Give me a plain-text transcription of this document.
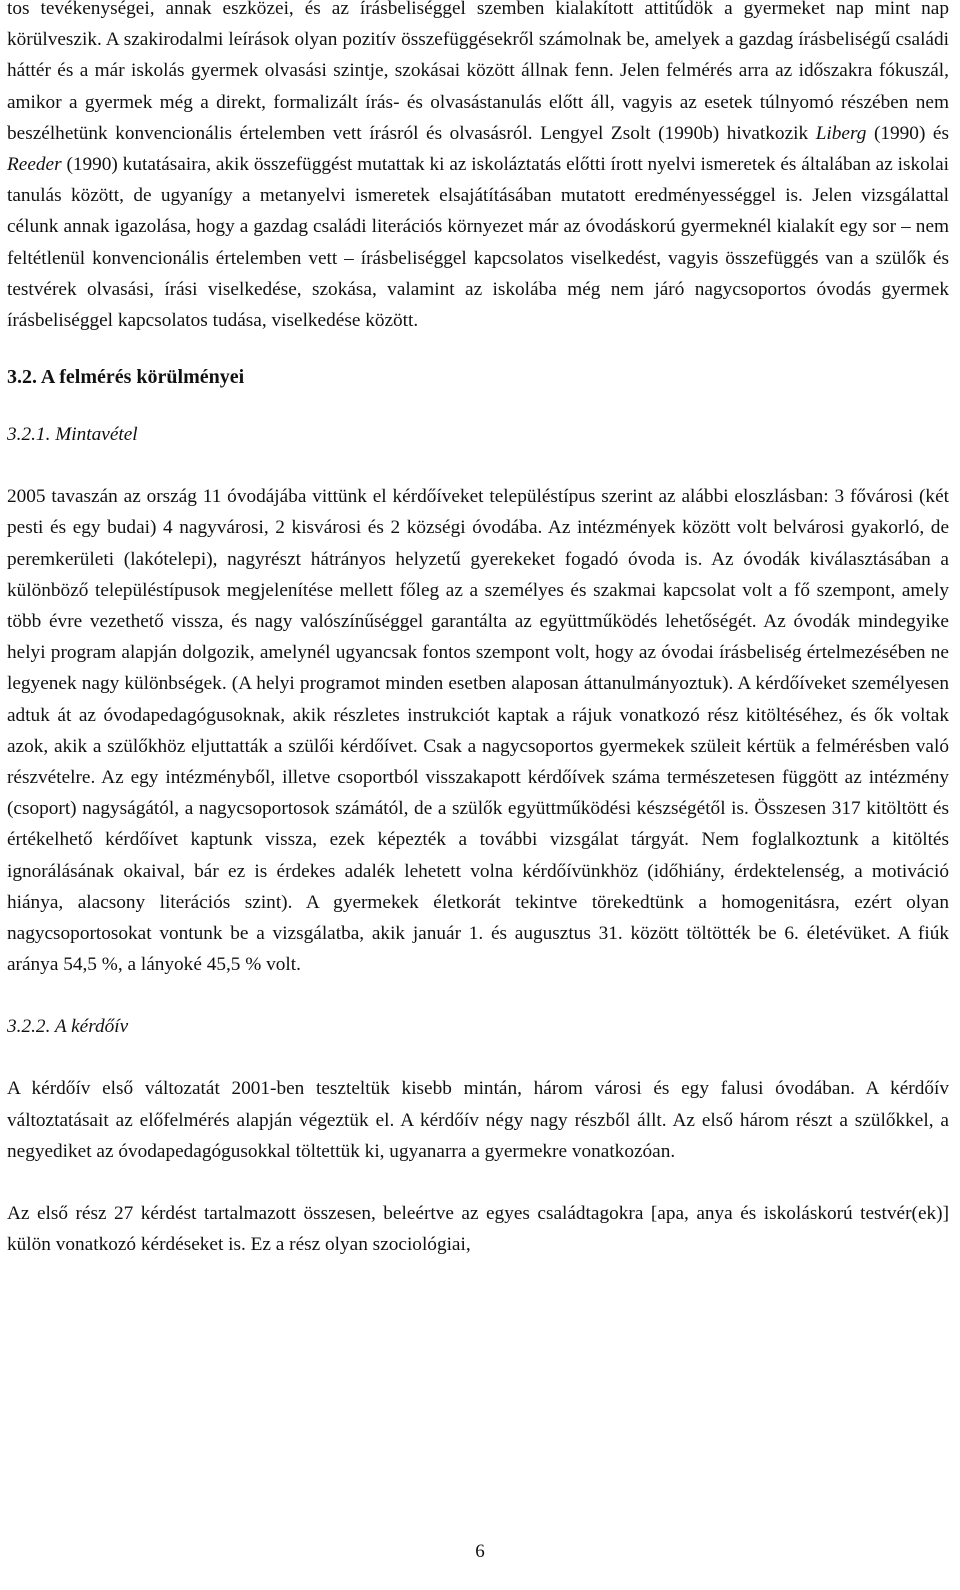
tos tevékenységei, annak eszközei, és az írásbeliséggel szemben kialakított attitűdök a gyermeket nap mint nap körülveszik. A szakirodalmi leírások olyan pozitív összefüggésekről számolnak be, amelyek a gazdag írásbeliségű családi háttér és a már iskolás gyermek olvasási szintje, szokásai között állnak fenn. Jelen felmérés arra az időszakra fókuszál, amikor a gyermek még a direkt, formalizált írás- és olvasástanulás előtt áll, vagyis az esetek túlnyomó részében nem beszélhetünk konvencionális értelemben vett írásról és olvasásról. Lengyel Zsolt (1990b) hivatkozik Liberg (1990) és Reeder (1990) kutatásaira, akik összefüggést mutattak ki az iskoláztatás előtti írott nyelvi ismeretek és általában az iskolai tanulás között, de ugyanígy a metanyelvi ismeretek elsajátításában mutatott eredményességgel is. Jelen vizsgálattal célunk annak igazolása, hogy a gazdag családi literációs környezet már az óvodáskorú gyermeknél kialakít egy sor – nem feltétlenül konvencionális értelemben vett – írásbeliséggel kapcsolatos viselkedést, vagyis összefüggés van a szülők és testvérek olvasási, írási viselkedése, szokása, valamint az iskolába még nem járó nagycsoportos óvodás gyermek írásbeliséggel kapcsolatos tudása, viselkedése között.

3.2. A felmérés körülményei
3.2.1. Mintavétel

2005 tavaszán az ország 11 óvodájába vittünk el kérdőíveket településtípus szerint az alábbi eloszlásban: 3 fővárosi (két pesti és egy budai) 4 nagyvárosi, 2 kisvárosi és 2 községi óvodába. Az intézmények között volt belvárosi gyakorló, de peremkerületi (lakótelepi), nagyrészt hátrányos helyzetű gyerekeket fogadó óvoda is. Az óvodák kiválasztásában a különböző településtípusok megjelenítése mellett főleg az a személyes és szakmai kapcsolat volt a fő szempont, amely több évre vezethető vissza, és nagy valószínűséggel garantálta az együttműködés lehetőségét. Az óvodák mindegyike helyi program alapján dolgozik, amelynél ugyancsak fontos szempont volt, hogy az óvodai írásbeliség értelmezésében ne legyenek nagy különbségek. (A helyi programot minden esetben alaposan áttanulmányoztuk). A kérdőíveket személyesen adtuk át az óvodapedagógusoknak, akik részletes instrukciót kaptak a rájuk vonatkozó rész kitöltéséhez, és ők voltak azok, akik a szülőkhöz eljuttatták a szülői kérdőívet. Csak a nagycsoportos gyermekek szüleit kértük a felmérésben való részvételre. Az egy intézményből, illetve csoportból visszakapott kérdőívek száma természetesen függött az intézmény (csoport) nagyságától, a nagycsoportosok számától, de a szülők együttműködési készségétől is. Összesen 317 kitöltött és értékelhető kérdőívet kaptunk vissza, ezek képezték a további vizsgálat tárgyát. Nem foglalkoztunk a kitöltés ignorálásának okaival, bár ez is érdekes adalék lehetett volna kérdőívünkhöz (időhiány, érdektelenség, a motiváció hiánya, alacsony literációs szint). A gyermekek életkorát tekintve törekedtünk a homogenitásra, ezért olyan nagycsoportosokat vontunk be a vizsgálatba, akik január 1. és augusztus 31. között töltötték be 6. életévüket. A fiúk aránya 54,5 %, a lányoké 45,5 % volt.

3.2.2. A kérdőív

A kérdőív első változatát 2001-ben teszteltük kisebb mintán, három városi és egy falusi óvodában. A kérdőív változtatásait az előfelmérés alapján végeztük el. A kérdőív négy nagy részből állt. Az első három részt a szülőkkel, a negyediket az óvodapedagógusokkal töltettük ki, ugyanarra a gyermekre vonatkozóan.

Az első rész 27 kérdést tartalmazott összesen, beleértve az egyes családtagokra [apa, anya és iskoláskorú testvér(ek)] külön vonatkozó kérdéseket is. Ez a rész olyan szociológiai,

6
